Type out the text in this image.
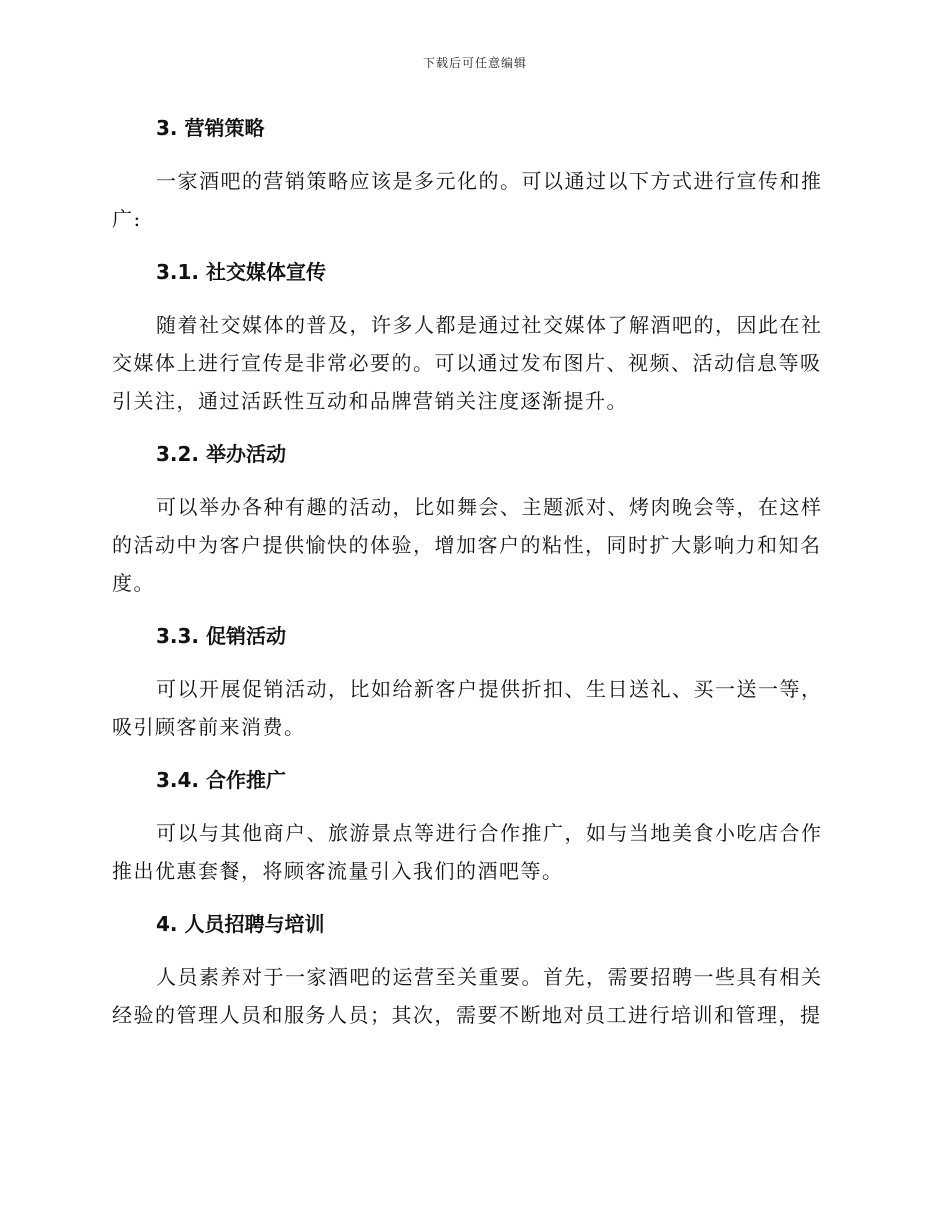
下载后可任意编辑
3. 营销策略
一家酒吧的营销策略应该是多元化的。可以通过以下方式进行宣传和推广:
3.1. 社交媒体宣传
随着社交媒体的普及，许多人都是通过社交媒体了解酒吧的，因此在社交媒体上进行宣传是非常必要的。可以通过发布图片、视频、活动信息等吸引关注，通过活跃性互动和品牌营销关注度逐渐提升。
3.2. 举办活动
可以举办各种有趣的活动，比如舞会、主题派对、烤肉晚会等，在这样的活动中为客户提供愉快的体验，增加客户的粘性，同时扩大影响力和知名度。
3.3. 促销活动
可以开展促销活动，比如给新客户提供折扣、生日送礼、买一送一等，吸引顾客前来消费。
3.4. 合作推广
可以与其他商户、旅游景点等进行合作推广，如与当地美食小吃店合作推出优惠套餐，将顾客流量引入我们的酒吧等。
4. 人员招聘与培训
人员素养对于一家酒吧的运营至关重要。首先，需要招聘一些具有相关经验的管理人员和服务人员；其次，需要不断地对员工进行培训和管理，提
